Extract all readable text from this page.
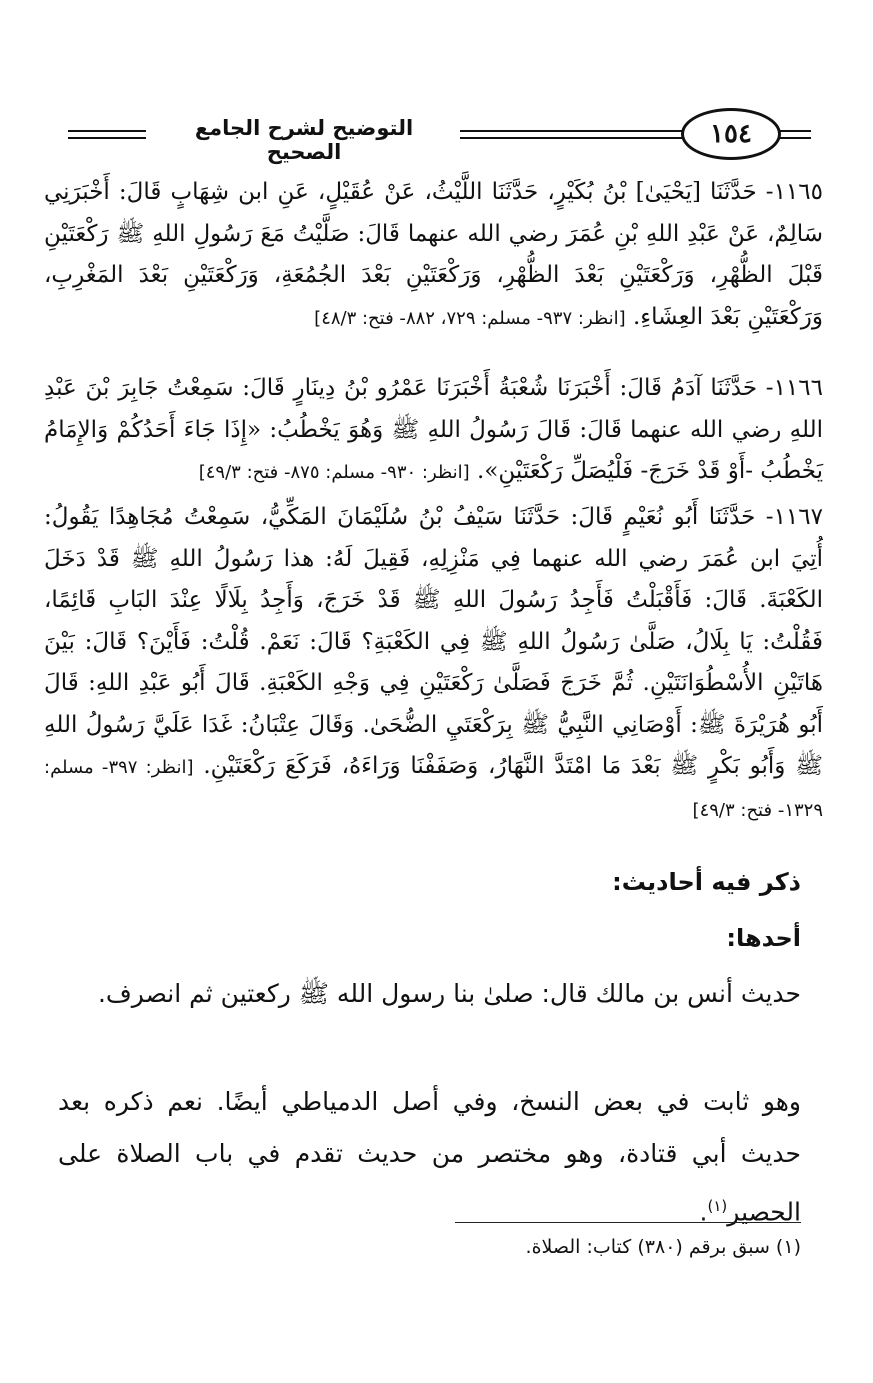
التوضيح لشرح الجامع الصحيح
١٥٤
١١٦٥- حَدَّثَنَا [يَحْيَىٰ] بْنُ بُكَيْرٍ، حَدَّثَنَا اللَّيْثُ، عَنْ عُقَيْلٍ، عَنِ ابن شِهَابٍ قَالَ: أَخْبَرَنِي سَالِمٌ، عَنْ عَبْدِ اللهِ بْنِ عُمَرَ رضي الله عنهما قَالَ: صَلَّيْتُ مَعَ رَسُولِ اللهِ ﷺ رَكْعَتَيْنِ قَبْلَ الظُّهْرِ، وَرَكْعَتَيْنِ بَعْدَ الظُّهْرِ، وَرَكْعَتَيْنِ بَعْدَ الجُمُعَةِ، وَرَكْعَتَيْنِ بَعْدَ المَغْرِبِ، وَرَكْعَتَيْنِ بَعْدَ العِشَاءِ. [انظر: ٩٣٧- مسلم: ٧٢٩، ٨٨٢- فتح: ٤٨/٣]
١١٦٦- حَدَّثَنَا آدَمُ قَالَ: أَخْبَرَنَا شُعْبَةُ أَخْبَرَنَا عَمْرُو بْنُ دِينَارٍ قَالَ: سَمِعْتُ جَابِرَ بْنَ عَبْدِ اللهِ رضي الله عنهما قَالَ: قَالَ رَسُولُ اللهِ ﷺ وَهُوَ يَخْطُبُ: «إِذَا جَاءَ أَحَدُكُمْ وَالإِمَامُ يَخْطُبُ -أَوْ قَدْ خَرَجَ- فَلْيُصَلِّ رَكْعَتَيْنِ». [انظر: ٩٣٠- مسلم: ٨٧٥- فتح: ٤٩/٣]
١١٦٧- حَدَّثَنَا أَبُو نُعَيْمٍ قَالَ: حَدَّثَنَا سَيْفُ بْنُ سُلَيْمَانَ المَكِّيُّ، سَمِعْتُ مُجَاهِدًا يَقُولُ: أُتِيَ ابن عُمَرَ رضي الله عنهما فِي مَنْزِلِهِ، فَقِيلَ لَهُ: هذا رَسُولُ اللهِ ﷺ قَدْ دَخَلَ الكَعْبَةَ. قَالَ: فَأَقْبَلْتُ فَأَجِدُ رَسُولَ اللهِ ﷺ قَدْ خَرَجَ، وَأَجِدُ بِلَالًا عِنْدَ البَابِ قَائِمًا، فَقُلْتُ: يَا بِلَالُ، صَلَّىٰ رَسُولُ اللهِ ﷺ فِي الكَعْبَةِ؟ قَالَ: نَعَمْ. قُلْتُ: فَأَيْنَ؟ قَالَ: بَيْنَ هَاتَيْنِ الأُسْطُوَانَتَيْنِ. ثُمَّ خَرَجَ فَصَلَّىٰ رَكْعَتَيْنِ فِي وَجْهِ الكَعْبَةِ. قَالَ أَبُو عَبْدِ اللهِ: قَالَ أَبُو هُرَيْرَةَ ﷺ: أَوْصَانِي النَّبِيُّ ﷺ بِرَكْعَتَيِ الضُّحَىٰ. وَقَالَ عِتْبَانُ: غَدَا عَلَيَّ رَسُولُ اللهِ ﷺ وَأَبُو بَكْرٍ ﷺ بَعْدَ مَا امْتَدَّ النَّهَارُ، وَصَفَفْنَا وَرَاءَهُ، فَرَكَعَ رَكْعَتَيْنِ. [انظر: ٣٩٧- مسلم: ١٣٢٩- فتح: ٤٩/٣]
ذكر فيه أحاديث:
أحدها:
حديث أنس بن مالك قال: صلىٰ بنا رسول الله ﷺ ركعتين ثم انصرف.
وهو ثابت في بعض النسخ، وفي أصل الدمياطي أيضًا. نعم ذكره بعد حديث أبي قتادة، وهو مختصر من حديث تقدم في باب الصلاة على الحصير$^{(١)}$.
(١) سبق برقم (٣٨٠) كتاب: الصلاة.
